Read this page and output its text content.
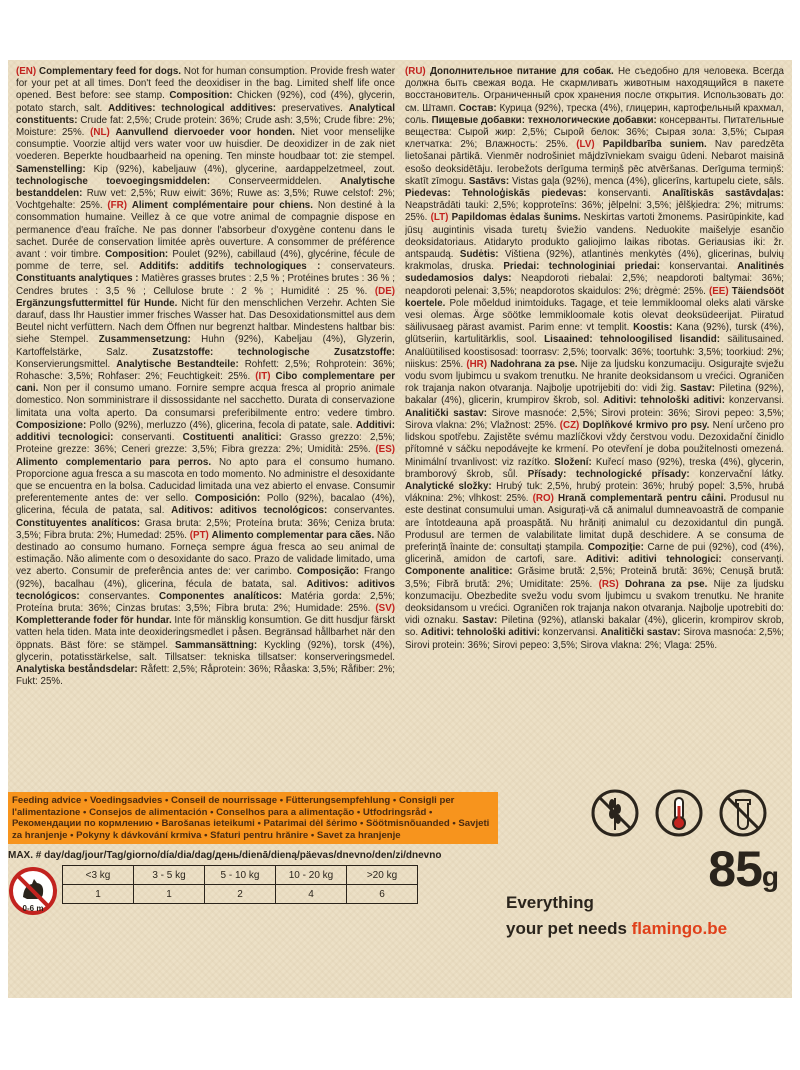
(EN) Complementary feed for dogs. Not for human consumption. Provide fresh water for your pet at all times. Don't feed the deoxidiser in the bag. Limited shelf life once opened. Best before: see stamp. Composition: Chicken (92%), cod (4%), glycerin, potato starch, salt. Additives: technological additives: preservatives. Analytical constituents: Crude fat: 2,5%; Crude protein: 36%; Crude ash: 3,5%; Crude fibre: 2%; Moisture: 25%. (NL) Aanvullend diervoeder voor honden. Niet voor menselijke consumptie. Voorzie altijd vers water voor uw huisdier. De deoxidizer in de zak niet voederen. Beperkte houdbaarheid na opening. Ten minste houdbaar tot: zie stempel. Samenstelling: Kip (92%), kabeljauw (4%), glycerine, aardappelzetmeel, zout. technologische toevoegingsmiddelen: Conserveermiddelen. Analytische bestanddelen: Ruw vet: 2,5%; Ruw eiwit: 36%; Ruwe as: 3,5%; Ruwe celstof: 2%; Vochtgehalte: 25%. (FR) Aliment complémentaire pour chiens. Non destiné à la consommation humaine. Veillez à ce que votre animal de compagnie dispose en permanence d'eau fraîche. Ne pas donner l'absorbeur d'oxygène contenu dans le sachet. Durée de conservation limitée après ouverture. A consommer de préférence avant : voir timbre. Composition: Poulet (92%), cabillaud (4%), glycérine, fécule de pomme de terre, sel. Additifs: additifs technologiques : conservateurs. Constituants analytiques : Matières grasses brutes : 2,5 % ; Protéines brutes : 36 % ; Cendres brutes : 3,5 % ; Cellulose brute : 2 % ; Humidité : 25 %. (DE) Ergänzungsfuttermittel für Hunde. Nicht für den menschlichen Verzehr. Achten Sie darauf, dass Ihr Haustier immer frisches Wasser hat. Das Desoxidationsmittel aus dem Beutel nicht verfüttern. Nach dem Öffnen nur begrenzt haltbar. Mindestens haltbar bis: siehe Stempel. Zusammensetzung: Huhn (92%), Kabeljau (4%), Glyzerin, Kartoffelstärke, Salz. Zusatzstoffe: technologische Zusatzstoffe: Konservierungsmittel. Analytische Bestandteile: Rohfett: 2,5%; Rohprotein: 36%; Rohasche: 3,5%; Rohfaser: 2%; Feuchtigkeit: 25%. (IT) Cibo complementare per cani. Non per il consumo umano. Fornire sempre acqua fresca al proprio animale domestico. Non somministrare il dissossidante nel sacchetto. Durata di conservazione limitata una volta aperto. Da consumarsi preferibilmente entro: vedere timbro. Composizione: Pollo (92%), merluzzo (4%), glicerina, fecola di patate, sale. Additivi: additivi tecnologici: conservanti. Costituenti analitici: Grasso grezzo: 2,5%; Proteine grezze: 36%; Ceneri grezze: 3,5%; Fibra grezza: 2%; Umidità: 25%. (ES) Alimento complementario para perros. No apto para el consumo humano. Proporcione agua fresca a su mascota en todo momento. No administre el desoxidante que se encuentra en la bolsa. Caducidad limitada una vez abierto el envase. Consumir preferentemente antes de: ver sello. Composición: Pollo (92%), bacalao (4%), glicerina, fécula de patata, sal. Aditivos: aditivos tecnológicos: conservantes. Constituyentes analíticos: Grasa bruta: 2,5%; Proteína bruta: 36%; Ceniza bruta: 3,5%; Fibra bruta: 2%; Humedad: 25%. (PT) Alimento complementar para cães. Não destinado ao consumo humano. Forneça sempre água fresca ao seu animal de estimação. Não alimente com o desoxidante do saco. Prazo de validade limitado, uma vez aberto. Consumir de preferência antes de: ver carimbo. Composição: Frango (92%), bacalhau (4%), glicerina, fécula de batata, sal. Aditivos: aditivos tecnológicos: conservantes. Componentes analíticos: Matéria gorda: 2,5%; Proteína bruta: 36%; Cinzas brutas: 3,5%; Fibra bruta: 2%; Humidade: 25%. (SV) Kompletterande foder för hundar. Inte för mänsklig konsumtion. Ge ditt husdjur färskt vatten hela tiden. Mata inte deoxideringsmedlet i påsen. Begränsad hållbarhet när den öppnats. Bäst före: se stämpel. Sammansättning: Kyckling (92%), torsk (4%), glycerin, potatisstärkelse, salt. Tillsatser: tekniska tillsatser: konserveringsmedel. Analytiska beståndsdelar: Råfett: 2,5%; Råprotein: 36%; Råaska: 3,5%; Råfiber: 2%; Fukt: 25%.
(RU) Дополнительное питание для собак. Не съедобно для человека. Всегда должна быть свежая вода. Не скармливать животным находящийся в пакете восстановитель. Ограниченный срок хранения после открытия. Использовать до: см. Штамп. Состав: Курица (92%), треска (4%), глицерин, картофельный крахмал, соль. Пищевые добавки: технологические добавки: консерванты. Питательные вещества: Сырой жир: 2,5%; Сырой белок: 36%; Сырая зола: 3,5%; Сырая клетчатка: 2%; Влажность: 25%. (LV) Papildbarība suniem. Nav paredzēta lietošanai pārtikā. Vienmēr nodrošiniet mājdzīvniekam svaigu ūdeni. Nebarot maisinā esošo deoksidētāju. Ierobežots derīguma termiņš pēc atvēršanas. Derīguma termiņš: skatīt zīmogu. Sastāvs: Vistas gaļa (92%), menca (4%), glicerīns, kartupelu ciete, sāls. Piedevas: Tehnoloģiskās piedevas: konservanti. Analītiskās sastāvdaļas: Neapstrādāti tauki: 2,5%; kopproteīns: 36%; jēlpelni: 3,5%; jēlšķiedra: 2%; mitrums: 25%. (LT) Papildomas ėdalas šunims. Neskirtas vartoti žmonems. Pasirūpinkite, kad jūsų augintinis visada turetų šviežio vandens. Neduokite maišelyje esančio deoksidatoriaus. Atidaryto produkto galiojimo laikas ribotas. Geriausias iki: žr. antspaudą. Sudėtis: Vištiena (92%), atlantinės menkytės (4%), glicerinas, bulvių krakmolas, druska. Priedai: technologiniai priedai: konservantai. Analitinės sudedamosios dalys: Neapdoroti riebalai: 2,5%; neapdoroti baltymai: 36%; neapdoroti pelenai: 3,5%; neapdorotos skaidulos: 2%; drėgmė: 25%. (EE) Täiendsööt koertele. Pole mõeldud inimtoiduks. Tagage, et teie lemmikloomal oleks alati värske vesi olemas. Ärge söötke lemmikloomale kotis olevat deoksüdeerijat. Piiratud säilivusaeg pärast avamist. Parim enne: vt templit. Koostis: Kana (92%), tursk (4%), glütseriin, kartulitärklis, sool. Lisaained: tehnoloogilised lisandid: säilitusained. Analüütilised koostisosad: toorrasv: 2,5%; toorvalk: 36%; toortuhk: 3,5%; toorkiud: 2%; niiskus: 25%. (HR) Nadohrana za pse. Nije za ljudsku konzumaciju. Osigurajte svježu vodu svom ljubimcu u svakom trenutku. Ne hranite deoksidansom u vrećici. Ograničen rok trajanja nakon otvaranja. Najbolje upotrijebiti do: vidi žig. Sastav: Piletina (92%), bakalar (4%), glicerin, krumpirov škrob, sol. Aditivi: tehnološki aditivi: konzervansi. Analitički sastav: Sirove masnoće: 2,5%; Sirovi protein: 36%; Sirovi pepeo: 3,5%; Sirova vlakna: 2%; Vlažnost: 25%. (CZ) Doplňkové krmivo pro psy. Není určeno pro lidskou spotřebu. Zajistěte svému mazlíčkovi vždy čerstvou vodu. Dezoxidační činidlo přítomné v sáčku nepodávejte ke krmení. Po otevření je doba použitelnosti omezená. Minimální trvanlivost: viz razítko. Složení: Kuřecí maso (92%), treska (4%), glycerin, bramborový škrob, sůl. Přísady: technologické přísady: konzervační látky. Analytické složky: Hrubý tuk: 2,5%, hrubý protein: 36%; hrubý popel: 3,5%, hrubá vláknina: 2%; vlhkost: 25%. (RO) Hrană complementară pentru câini. Produsul nu este destinat consumului uman. Asigurați-vă că animalul dumneavoastră de companie are întotdeauna apă proaspătă. Nu hrăniți animalul cu dezoxidantul din pungă. Produsul are termen de valabilitate limitat după deschidere. A se consuma de preferință înainte de: consultați ștampila. Compoziție: Carne de pui (92%), cod (4%), glicerină, amidon de cartofi, sare. Aditivi: aditivi tehnologici: conservanți. Componente analitice: Grăsime brută: 2,5%; Proteină brută: 36%; Cenușă brută: 3,5%; Fibră brută: 2%; Umiditate: 25%. (RS) Dohrana za pse. Nije za ljudsku konzumaciju. Obezbedite svežu vodu svom ljubimcu u svakom trenutku. Ne hranite deoksidansom u vrećici. Ograničen rok trajanja nakon otvaranja. Najbolje upotrebiti do: vidi oznaku. Sastav: Piletina (92%), atlanski bakalar (4%), glicerin, krompirov skrob, so. Aditivi: tehnološki aditivi: konzervansi. Analitički sastav: Sirova masnoća: 2,5%; Sirovi protein: 36%; Sirovi pepeo: 3,5%; Sirova vlakna: 2%; Vlaga: 25%.
Feeding advice • Voedingsadvies • Conseil de nourrissage • Fütterungsempfehlung • Consigli per l'alimentazione • Consejos de alimentación • Conselhos para a alimentação • Utfodringsråd • Рекомендации по кормлению • Barošanas ieteikumi • Patarimai dėl šėrimo • Söötmisnõuanded • Savjeti za hranjenje • Pokyny k dávkování krmiva • Sfaturi pentru hrănire • Savet za hranjenje
MAX. # day/dag/jour/Tag/giorno/día/dia/dag/день/dienā/dieną/päevas/dnevno/den/zi/dnevno
0-6 m
<3 kg	3 - 5 kg	5 - 10 kg	10 - 20 kg	>20 kg
1	1	2	4	6	85g
Everything
your pet needs flamingo.be
